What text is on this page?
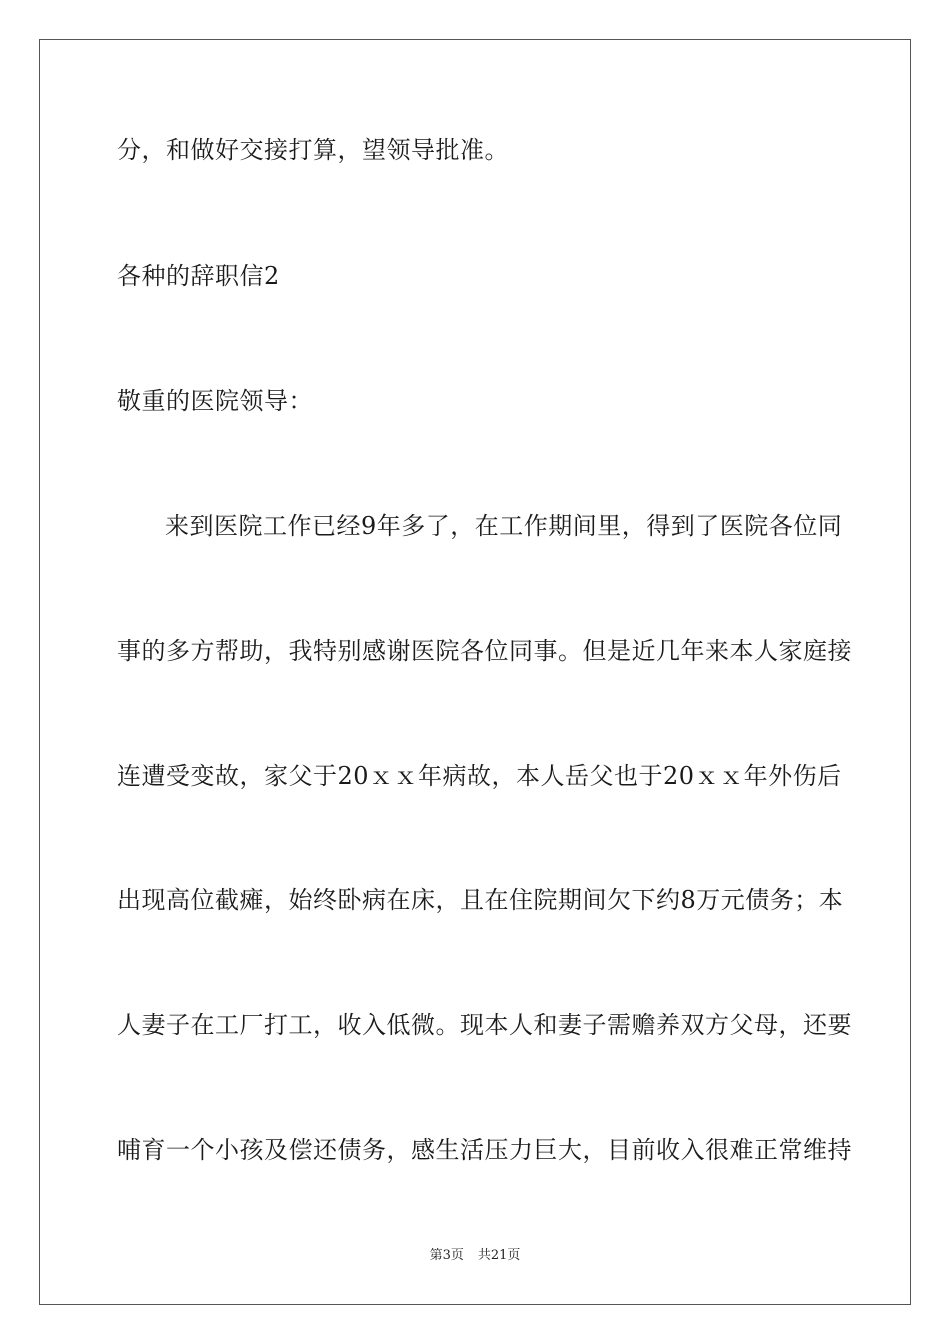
分，和做好交接打算，望领导批准。
各种的辞职信2
敬重的医院领导：
来到医院工作已经9年多了，在工作期间里，得到了医院各位同
事的多方帮助，我特别感谢医院各位同事。但是近几年来本人家庭接
连遭受变故，家父于20ｘｘ年病故，本人岳父也于20ｘｘ年外伤后
出现高位截瘫，始终卧病在床，且在住院期间欠下约8万元债务；本
人妻子在工厂打工，收入低微。现本人和妻子需赡养双方父母，还要
哺育一个小孩及偿还债务，感生活压力巨大，目前收入很难正常维持
第3页 共21页
